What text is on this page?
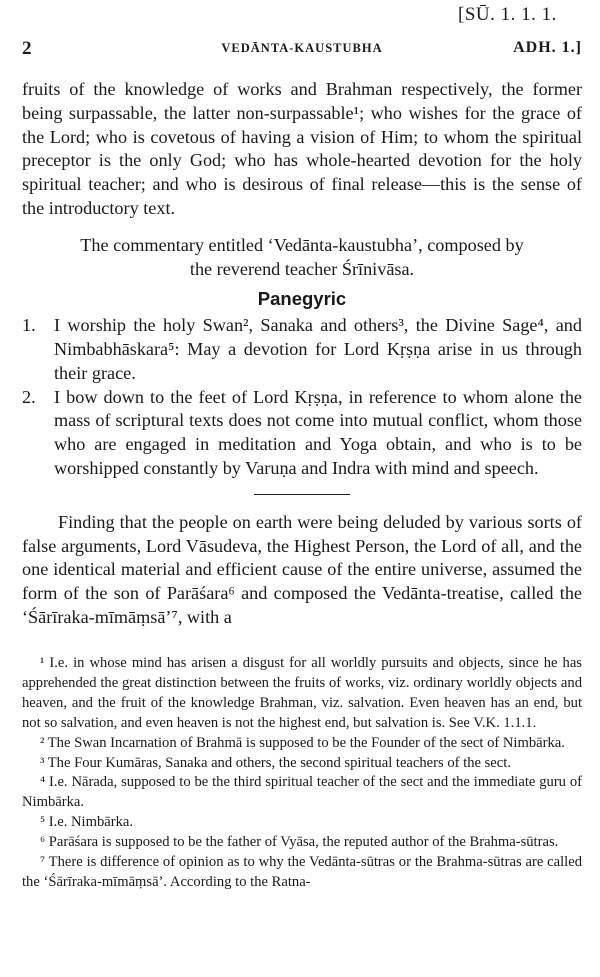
[SŪ. 1. 1. 1.
2	VEDĀNTA-KAUSTUBHA	ADH. 1.]

fruits of the knowledge of works and Brahman respectively, the former being surpassable, the latter non-surpassable¹; who wishes for the grace of the Lord; who is covetous of having a vision of Him; to whom the spiritual preceptor is the only God; who has whole-hearted devotion for the holy spiritual teacher; and who is desirous of final release—this is the sense of the introductory text.

The commentary entitled ‘Vedānta-kaustubha’, composed by

the reverend teacher Śrīnivāsa.

Panegyric
1. I worship the holy Swan², Sanaka and others³, the Divine Sage⁴, and Nimbabhāskara⁵: May a devotion for Lord Kṛṣṇa arise in us through their grace.
2. I bow down to the feet of Lord Kṛṣṇa, in reference to whom alone the mass of scriptural texts does not come into mutual conflict, whom those who are engaged in meditation and Yoga obtain, and who is to be worshipped constantly by Varuṇa and Indra with mind and speech.

Finding that the people on earth were being deluded by various sorts of false arguments, Lord Vāsudeva, the Highest Person, the Lord of all, and the one identical material and efficient cause of the entire universe, assumed the form of the son of Parāśara⁶ and composed the Vedānta-treatise, called the ‘Śārīraka-mīmāṃsā’⁷, with a

¹ I.e. in whose mind has arisen a disgust for all worldly pursuits and objects, since he has apprehended the great distinction between the fruits of works, viz. ordinary worldly objects and heaven, and the fruit of the knowledge Brahman, viz. salvation. Even heaven has an end, but not so salvation, and even heaven is not the highest end, but salvation is. See V.K. 1.1.1.

² The Swan Incarnation of Brahmā is supposed to be the Founder of the sect of Nimbārka.

³ The Four Kumāras, Sanaka and others, the second spiritual teachers of the sect.

⁴ I.e. Nārada, supposed to be the third spiritual teacher of the sect and the immediate guru of Nimbārka.

⁵ I.e. Nimbārka.

⁶ Parāśara is supposed to be the father of Vyāsa, the reputed author of the Brahma-sūtras.

⁷ There is difference of opinion as to why the Vedānta-sūtras or the Brahma-sūtras are called the ‘Śārīraka-mīmāṃsā’. According to the Ratna-
